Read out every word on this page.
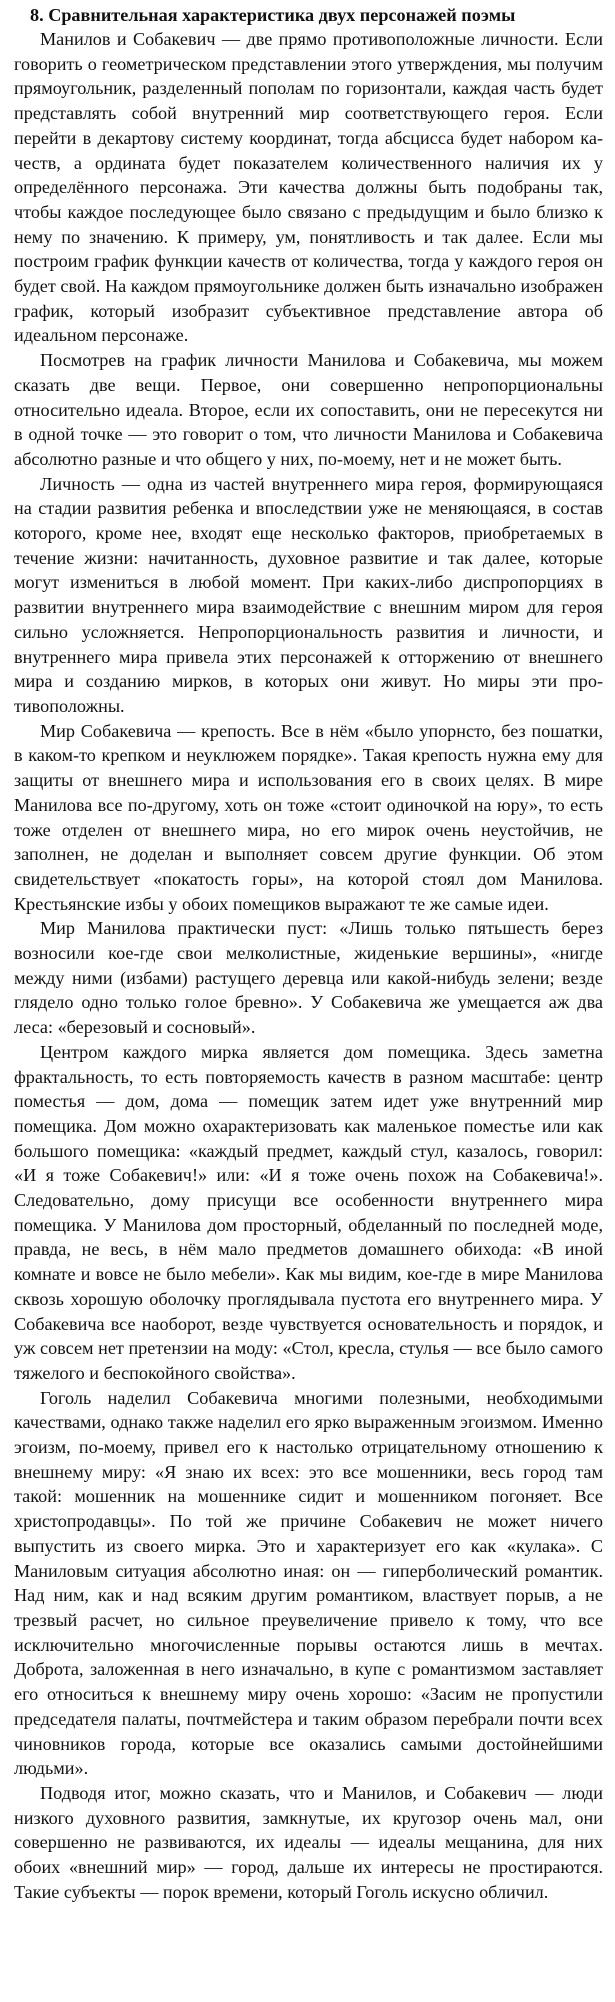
8. Сравнительная характеристика двух персонажей поэмы

Манилов и Собакевич — две прямо противоположные личности. Если говорить о геометрическом представлении этого утверждения, мы получим прямоугольник, разделенный пополам по горизонтали, каждая часть будет представлять собой внутренний мир соответствующего героя. Если перейти в декартову систему координат, тогда абсцисса будет набором качеств, а ордината будет показателем количественного наличия их у определённого персонажа. Эти качества должны быть подобраны так, чтобы каждое последующее было связано с предыдущим и было близко к нему по значению. К примеру, ум, понятливость и так далее. Если мы построим график функции качеств от количества, тогда у каждого героя он будет свой. На каждом прямоугольнике должен быть изначально изображен график, который изобразит субъективное представление автора об идеальном персонаже.

Посмотрев на график личности Манилова и Собакевича, мы можем сказать две вещи. Первое, они совершенно непропорциональны относительно идеала. Второе, если их сопоставить, они не пересекутся ни в одной точке — это говорит о том, что личности Манилова и Собакевича абсолютно разные и что общего у них, по-моему, нет и не может быть.

Личность — одна из частей внутреннего мира героя, формирующаяся на стадии развития ребенка и впоследствии уже не меняющаяся, в состав которого, кроме нее, входят еще несколько факторов, приобретаемых в течение жизни: начитанность, духовное развитие и так далее, которые могут измениться в любой момент. При каких-либо диспропорциях в развитии внутреннего мира взаимодействие с внешним миром для героя сильно усложняется. Непропорциональность развития и личности, и внутреннего мира привела этих персонажей к отторжению от внешнего мира и созданию мирков, в которых они живут. Но миры эти противоположны.

Мир Собакевича — крепость. Все в нём «было упорнсто, без пошатки, в каком-то крепком и неуклюжем порядке». Такая крепость нужна ему для защиты от внешнего мира и использования его в своих целях. В мире Манилова все по-другому, хоть он тоже «стоит одиночкой на юру», то есть тоже отделен от внешнего мира, но его мирок очень неустойчив, не заполнен, не доделан и выполняет совсем другие функции. Об этом свидетельствует «покатость горы», на которой стоял дом Манилова. Крестьянские избы у обоих помещиков выражают те же самые идеи.

Мир Манилова практически пуст: «Лишь только пятьшесть берез возносили кое-где свои мелколистные, жиденькие вершины», «нигде между ними (избами) растущего деревца или какой-нибудь зелени; везде глядело одно только голое бревно». У Собакевича же умещается аж два леса: «березовый и сосновый».

Центром каждого мирка является дом помещика. Здесь заметна фрактальность, то есть повторяемость качеств в разном масштабе: центр поместья — дом, дома — помещик затем идет уже внутренний мир помещика. Дом можно охарактеризовать как маленькое поместье или как большого помещика: «каждый предмет, каждый стул, казалось, говорил: «И я тоже Собакевич!» или: «И я тоже очень похож на Собакевича!». Следовательно, дому присущи все особенности внутреннего мира помещика. У Манилова дом просторный, обделанный по последней моде, правда, не весь, в нём мало предметов домашнего обихода: «В иной комнате и вовсе не было мебели». Как мы видим, кое-где в мире Манилова сквозь хорошую оболочку проглядывала пустота его внутреннего мира. У Собакевича все наоборот, везде чувствуется основательность и порядок, и уж совсем нет претензии на моду: «Стол, кресла, стулья — все было самого тяжелого и беспокойного свойства».

Гоголь наделил Собакевича многими полезными, необходимыми качествами, однако также наделил его ярко выраженным эгоизмом. Именно эгоизм, по-моему, привел его к настолько отрицательному отношению к внешнему миру: «Я знаю их всех: это все мошенники, весь город там такой: мошенник на мошеннике сидит и мошенником погоняет. Все христопродавцы». По той же причине Собакевич не может ничего выпустить из своего мирка. Это и характеризует его как «кулака». С Маниловым ситуация абсолютно иная: он — гиперболический романтик. Над ним, как и над всяким другим романтиком, властвует порыв, а не трезвый расчет, но сильное преувеличение привело к тому, что все исключительно многочисленные порывы остаются лишь в мечтах. Доброта, заложенная в него изначально, в купе с романтизмом заставляет его относиться к внешнему миру очень хорошо: «Засим не пропустили председателя палаты, почтмейстера и таким образом перебрали почти всех чиновников города, которые все оказались самыми достойнейшими людьми».

Подводя итог, можно сказать, что и Манилов, и Собакевич — люди низкого духовного развития, замкнутые, их кругозор очень мал, они совершенно не развиваются, их идеалы — идеалы мещанина, для них обоих «внешний мир» — город, дальше их интересы не простираются. Такие субъекты — порок времени, который Гоголь искусно обличил.
